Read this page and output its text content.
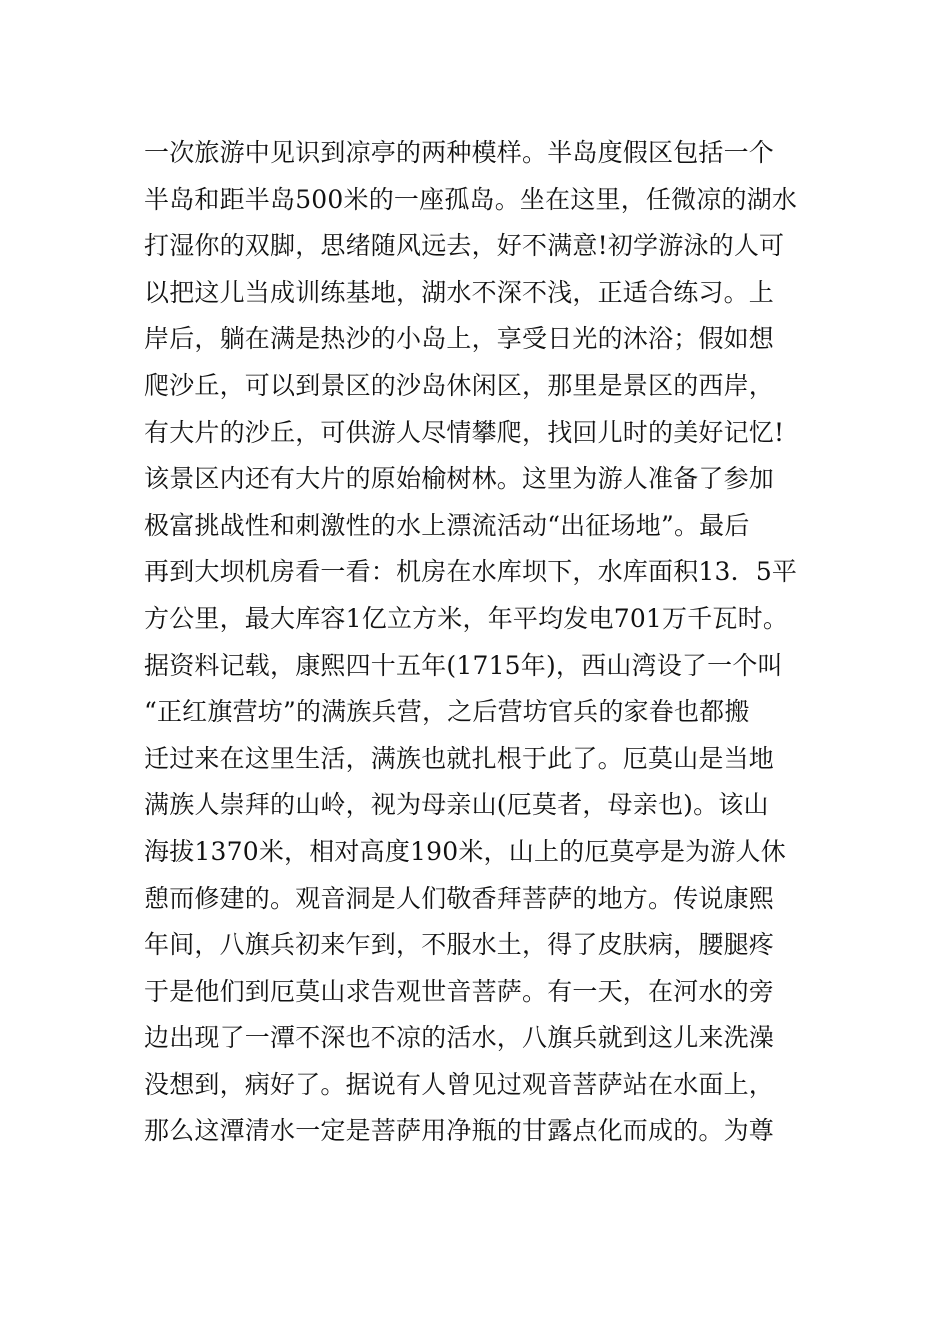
一次旅游中见识到凉亭的两种模样。半岛度假区包括一个
半岛和距半岛500米的一座孤岛。坐在这里，任微凉的湖水
打湿你的双脚，思绪随风远去，好不满意!初学游泳的人可
以把这儿当成训练基地，湖水不深不浅，正适合练习。上
岸后，躺在满是热沙的小岛上，享受日光的沐浴；假如想
爬沙丘，可以到景区的沙岛休闲区，那里是景区的西岸，
有大片的沙丘，可供游人尽情攀爬，找回儿时的美好记忆!
该景区内还有大片的原始榆树林。这里为游人准备了参加
极富挑战性和刺激性的水上漂流活动“出征场地”。最后
再到大坝机房看一看：机房在水库坝下，水库面积13．5平
方公里，最大库容1亿立方米，年平均发电701万千瓦时。
据资料记载，康熙四十五年(1715年)，西山湾设了一个叫
“正红旗营坊”的满族兵营，之后营坊官兵的家眷也都搬
迁过来在这里生活，满族也就扎根于此了。厄莫山是当地
满族人崇拜的山岭，视为母亲山(厄莫者，母亲也)。该山
海拔1370米，相对高度190米，山上的厄莫亭是为游人休
憩而修建的。观音洞是人们敬香拜菩萨的地方。传说康熙
年间，八旗兵初来乍到，不服水土，得了皮肤病，腰腿疼
于是他们到厄莫山求告观世音菩萨。有一天，在河水的旁
边出现了一潭不深也不凉的活水，八旗兵就到这儿来洗澡
没想到，病好了。据说有人曾见过观音菩萨站在水面上，
那么这潭清水一定是菩萨用净瓶的甘露点化而成的。为尊
